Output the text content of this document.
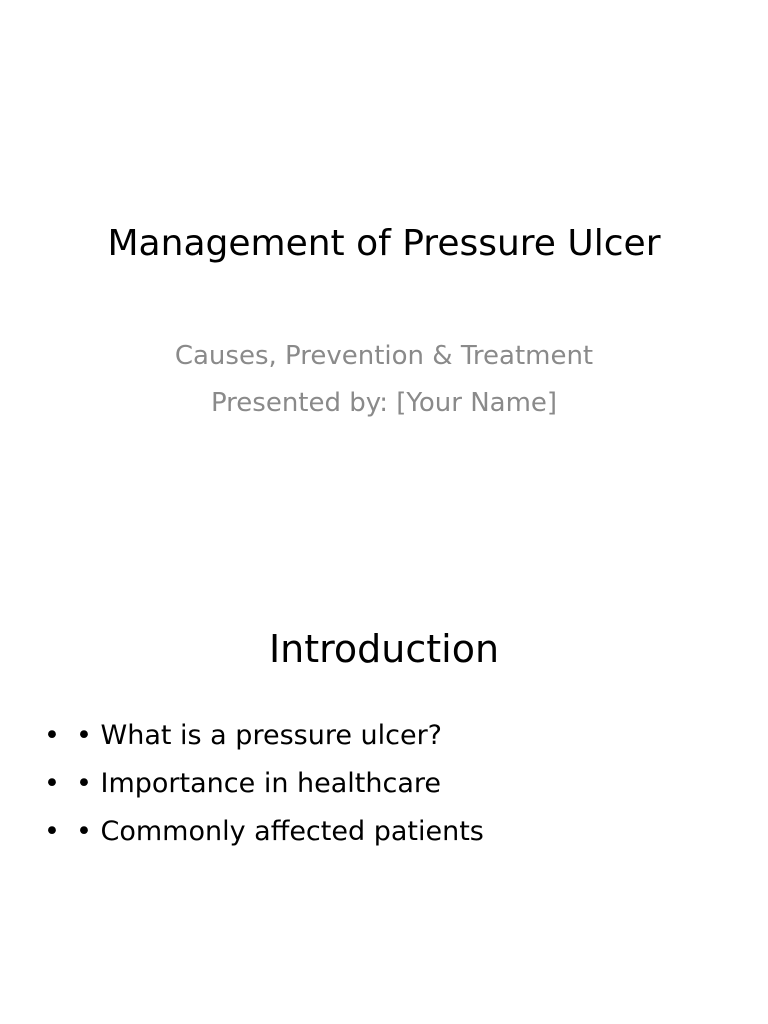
Management of Pressure Ulcer
Causes, Prevention & Treatment
Presented by: [Your Name]
Introduction
• • What is a pressure ulcer?
• • Importance in healthcare
• • Commonly affected patients
